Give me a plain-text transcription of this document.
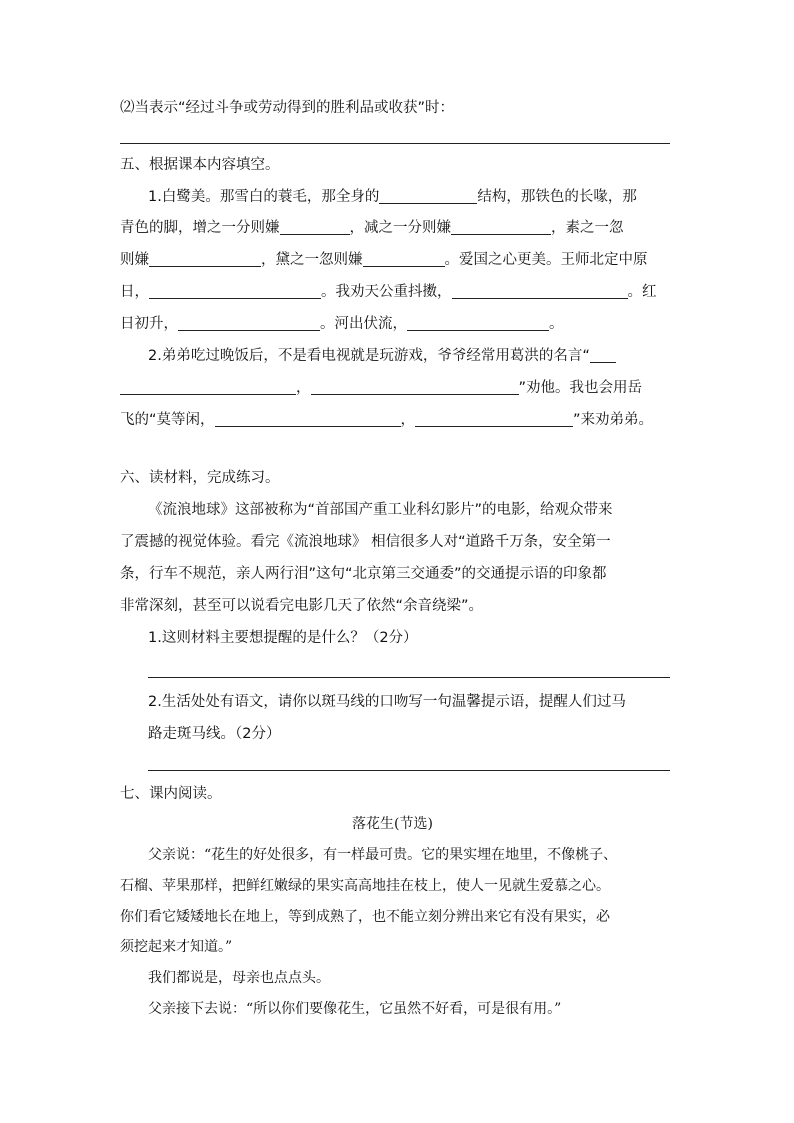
⑵当表示“经过斗争或劳动得到的胜利品或收获”时：
五、根据课本内容填空。
1.白鹭美。那雪白的蓑毛，那全身的	结构，那铁色的长喙，那
青色的脚，增之一分则嫌	，减之一分则嫌	，素之一忽
则嫌	，黛之一忽则嫌	。爱国之心更美。王师北定中原
日，	。我劝天公重抖擞，	。红
日初升，	。河出伏流，	。
2.弟弟吃过晚饭后，不是看电视就是玩游戏，爷爷经常用葛洪的名言“
，	”劝他。我也会用岳
飞的“莫等闲，	，	”来劝弟弟。
六、读材料，完成练习。
《流浪地球》这部被称为“首部国产重工业科幻影片”的电影，给观众带来
了震撼的视觉体验。看完《流浪地球》 相信很多人对“道路千万条，安全第一
条，行车不规范，亲人两行泪”这句“北京第三交通委”的交通提示语的印象都
非常深刻，甚至可以说看完电影几天了依然“余音绕梁”。
1.这则材料主要想提醒的是什么？（2分）
2.生活处处有语文，请你以斑马线的口吻写一句温馨提示语，提醒人们过马
路走斑马线。（2分）
七、课内阅读。
落花生(节选)
父亲说：“花生的好处很多，有一样最可贵。它的果实埋在地里，不像桃子、
石榴、苹果那样，把鲜红嫩绿的果实高高地挂在枝上，使人一见就生爱慕之心。
你们看它矮矮地长在地上，等到成熟了，也不能立刻分辨出来它有没有果实，必
须挖起来才知道。”
我们都说是，母亲也点点头。
父亲接下去说：“所以你们要像花生，它虽然不好看，可是很有用。”
